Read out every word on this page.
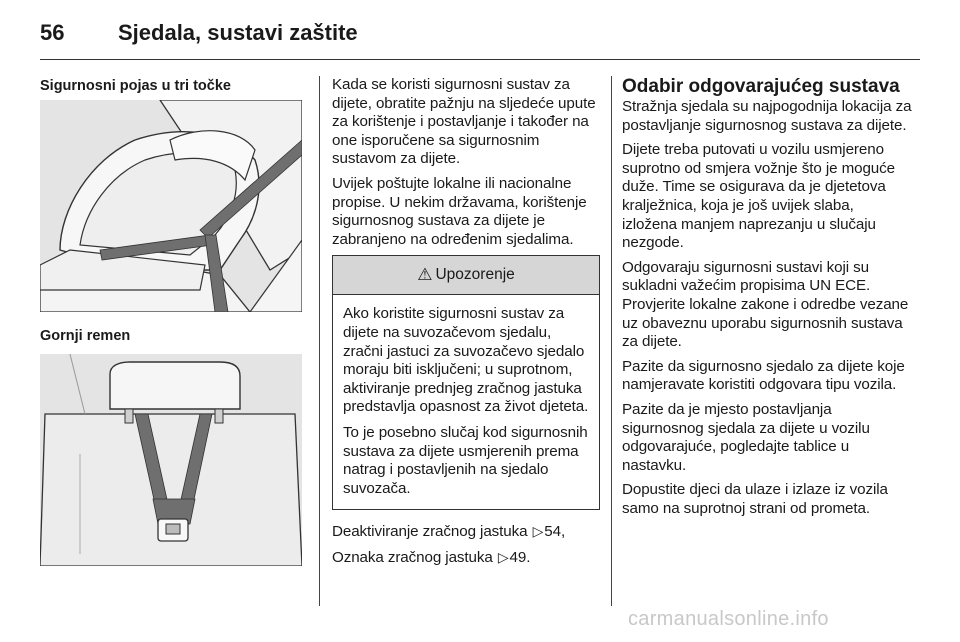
56 Sjedala, sustavi zaštite
Sigurnosni pojas u tri točke
Gornji remen

Kada se koristi sigurnosni sustav za dijete, obratite pažnju na sljedeće upute za korištenje i postavljanje i također na one isporučene sa sigurnosnim sustavom za dijete.

Uvijek poštujte lokalne ili nacionalne propise. U nekim državama, korištenje sigurnosnog sustava za dijete je zabranjeno na određenim sjedalima.

⚠ Upozorenje

Ako koristite sigurnosni sustav za dijete na suvozačevom sjedalu, zračni jastuci za suvozačevo sjedalo moraju biti isključeni; u suprotnom, aktiviranje prednjeg zračnog jastuka predstavlja opasnost za život djeteta.

To je posebno slučaj kod sigurnosnih sustava za dijete usmjerenih prema natrag i postavljenih na sjedalo suvozača.

Deaktiviranje zračnog jastuka ▷54,

Oznaka zračnog jastuka ▷49.

Odabir odgovarajućeg sustava

Stražnja sjedala su najpogodnija lokacija za postavljanje sigurnosnog sustava za dijete.

Dijete treba putovati u vozilu usmjereno suprotno od smjera vožnje što je moguće duže. Time se osigurava da je djetetova kralježnica, koja je još uvijek slaba, izložena manjem naprezanju u slučaju nezgode.

Odgovaraju sigurnosni sustavi koji su sukladni važećim propisima UN ECE. Provjerite lokalne zakone i odredbe vezane uz obaveznu uporabu sigurnosnih sustava za dijete.

Pazite da sigurnosno sjedalo za dijete koje namjeravate koristiti odgovara tipu vozila.

Pazite da je mjesto postavljanja sigurnosnog sjedala za dijete u vozilu odgovarajuće, pogledajte tablice u nastavku.

Dopustite djeci da ulaze i izlaze iz vozila samo na suprotnoj strani od prometa.

carmanualsonline.info
